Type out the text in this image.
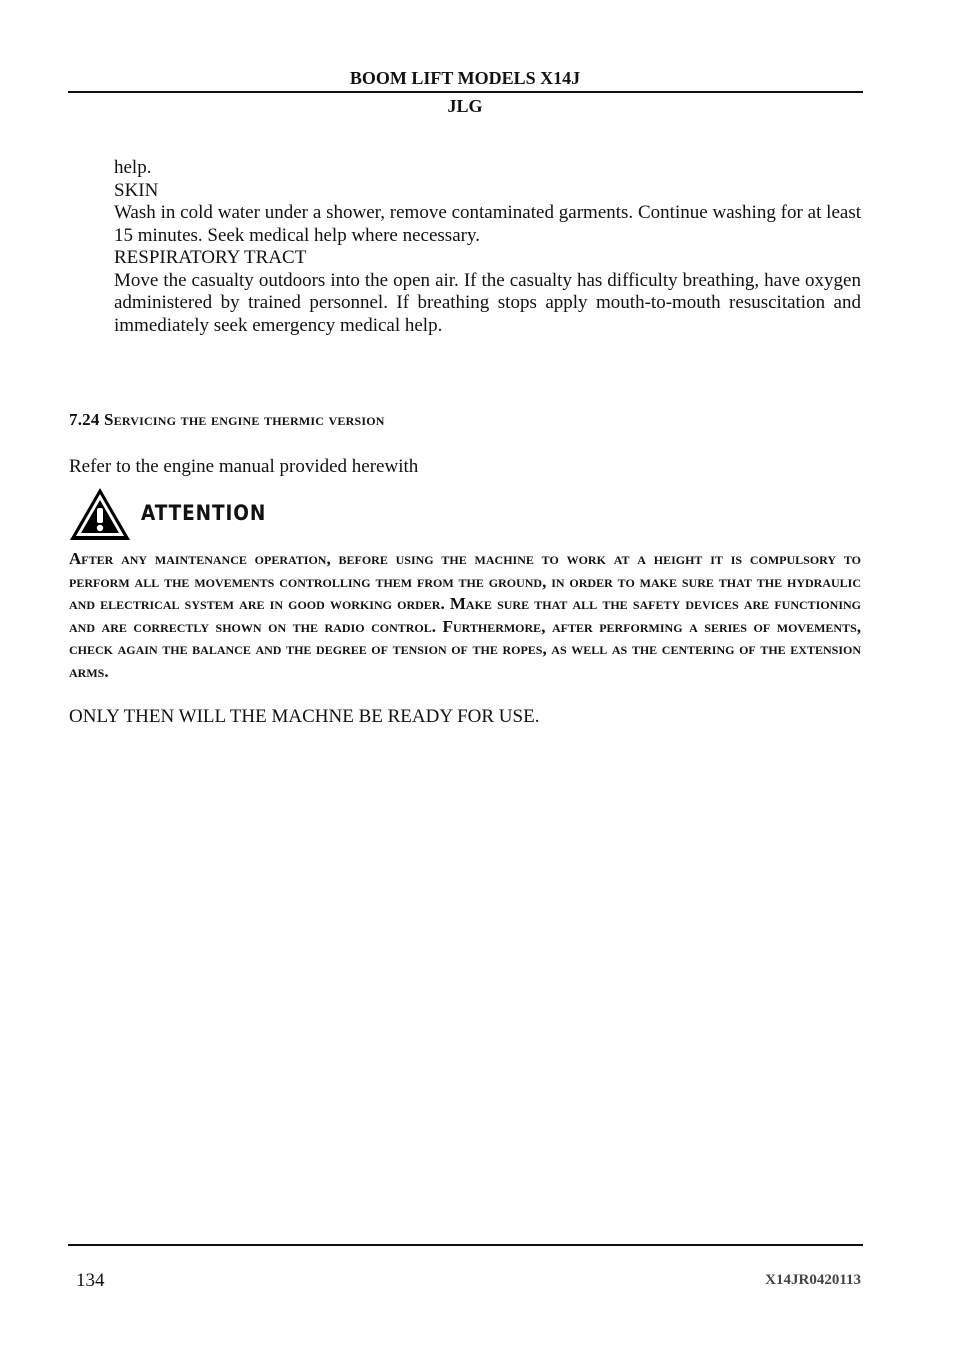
BOOM LIFT MODELS X14J
JLG

help.

SKIN

Wash in cold water under a shower, remove contaminated garments. Continue washing for at least 15 minutes. Seek medical help where necessary.

RESPIRATORY TRACT

Move the casualty outdoors into the open air. If the casualty has difficulty breathing, have oxygen administered by trained personnel. If breathing stops apply mouth-to-mouth resuscitation and immediately seek emergency medical help.

7.24 Servicing the engine thermic version
Refer to the engine manual provided herewith
ATTENTION

After any maintenance operation, before using the machine to work at a height it is compulsory to perform all the movements controlling them from the ground, in order to make sure that the hydraulic and electrical system are in good working order. Make sure that all the safety devices are functioning and are correctly shown on the radio control. Furthermore, after performing a series of movements, check again the balance and the degree of tension of the ropes, as well as the centering of the extension arms.

ONLY THEN WILL THE MACHNE BE READY FOR USE.

134	X14JR0420113
